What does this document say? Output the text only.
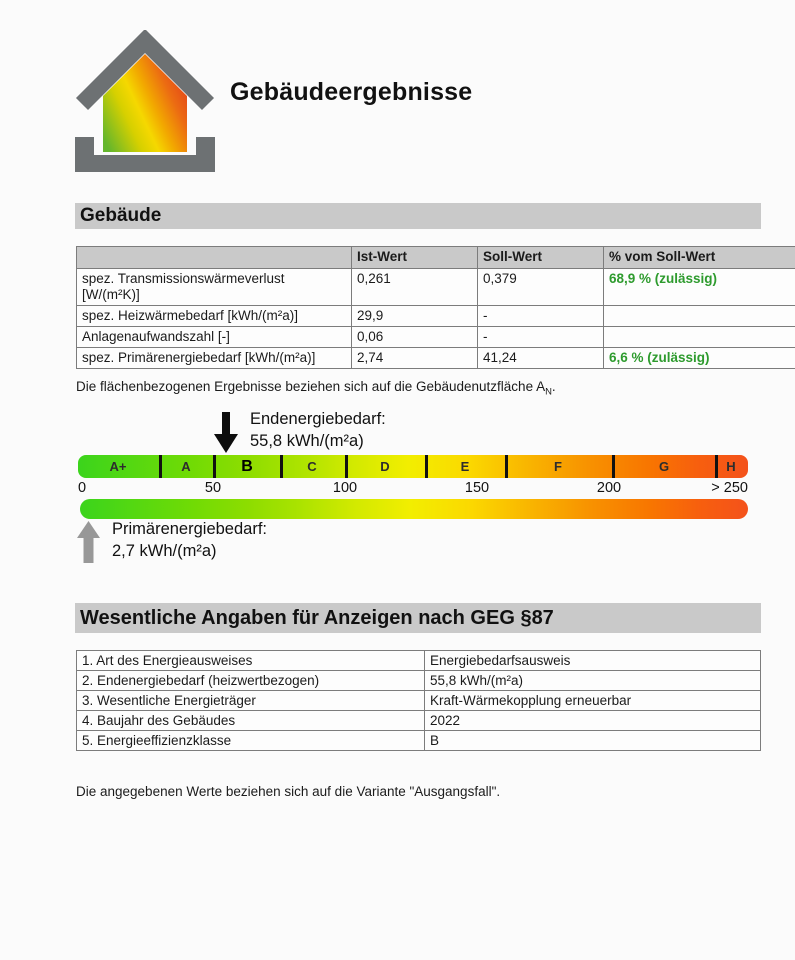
Gebäudeergebnisse
Gebäude
	Ist-Wert	Soll-Wert	% vom Soll-Wert
spez. Transmissionswärmeverlust [W/(m²K)]	0,261	0,379	68,9 % (zulässig)
spez. Heizwärmebedarf [kWh/(m²a)]	29,9	-	
Anlagenaufwandszahl [-]	0,06	-	
spez. Primärenergiebedarf [kWh/(m²a)]	2,74	41,24	6,6 % (zulässig)
Die flächenbezogenen Ergebnisse beziehen sich auf die Gebäudenutzfläche $A_N$.
Endenergiebedarf:
55,8 kWh/(m²a)
A+	A	B	C	D	E	F	G	H
0	50	100	150	200	> 250
Primärenergiebedarf:
2,7 kWh/(m²a)
Wesentliche Angaben für Anzeigen nach GEG §87
1. Art des Energieausweises	Energiebedarfsausweis
2. Endenergiebedarf (heizwertbezogen)	55,8 kWh/(m²a)
3. Wesentliche Energieträger	Kraft-Wärmekopplung erneuerbar
4. Baujahr des Gebäudes	2022
5. Energieeffizienzklasse	B
Die angegebenen Werte beziehen sich auf die Variante "Ausgangsfall".
